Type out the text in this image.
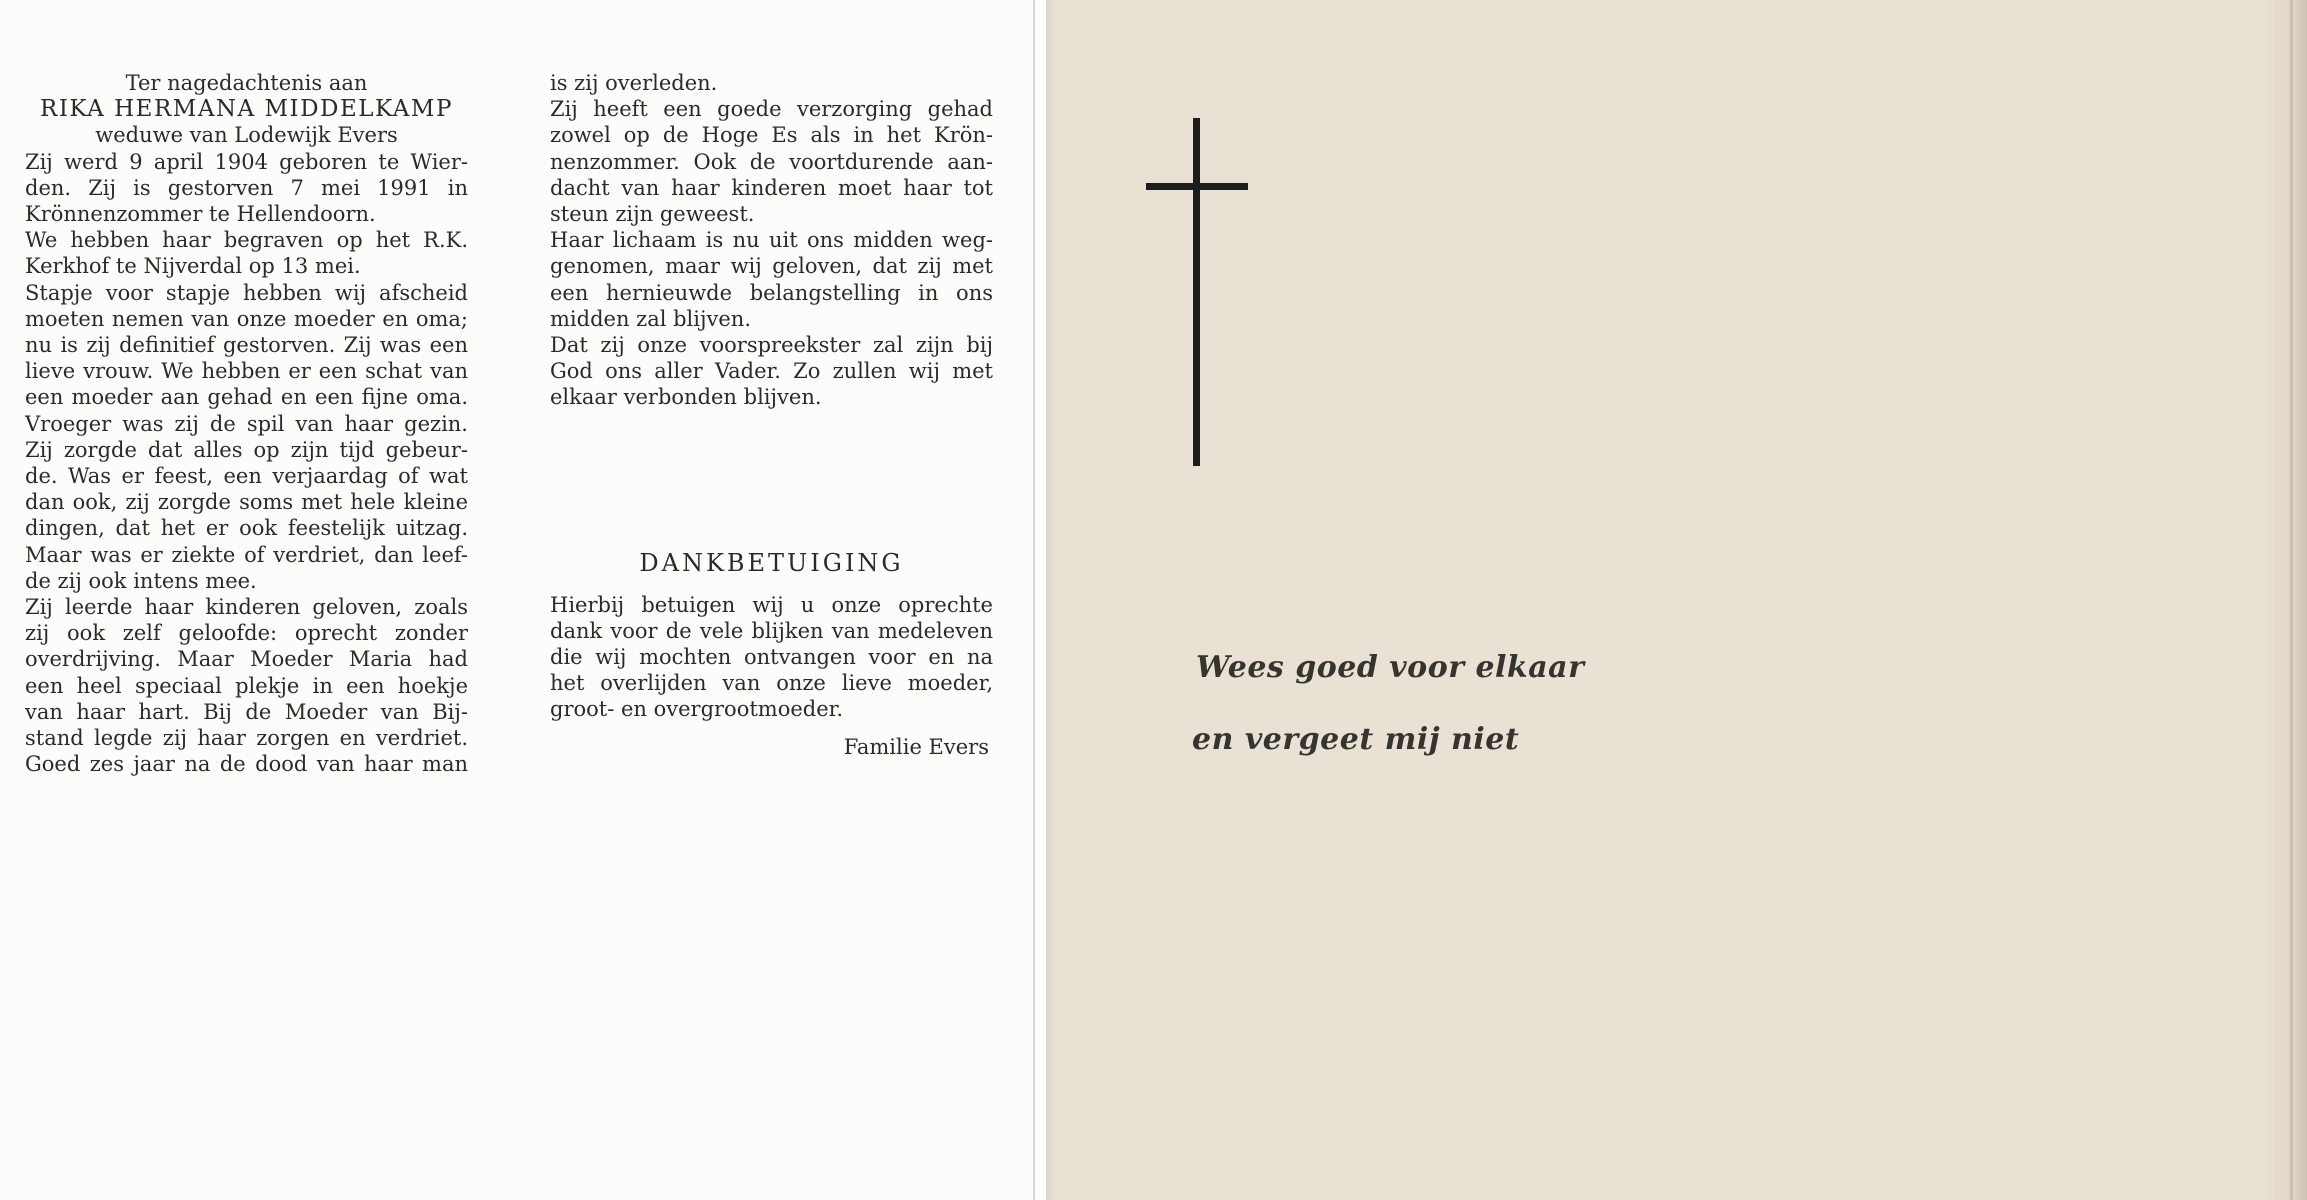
Ter nagedachtenis aan
RIKA HERMANA MIDDELKAMP
weduwe van Lodewijk Evers
Zij werd 9 april 1904 geboren te Wier-
den. Zij is gestorven 7 mei 1991 in
Krönnenzommer te Hellendoorn.
We hebben haar begraven op het R.K.
Kerkhof te Nijverdal op 13 mei.
Stapje voor stapje hebben wij afscheid
moeten nemen van onze moeder en oma;
nu is zij definitief gestorven. Zij was een
lieve vrouw. We hebben er een schat van
een moeder aan gehad en een fijne oma.
Vroeger was zij de spil van haar gezin.
Zij zorgde dat alles op zijn tijd gebeur-
de. Was er feest, een verjaardag of wat
dan ook, zij zorgde soms met hele kleine
dingen, dat het er ook feestelijk uitzag.
Maar was er ziekte of verdriet, dan leef-
de zij ook intens mee.
Zij leerde haar kinderen geloven, zoals
zij ook zelf geloofde: oprecht zonder
overdrijving. Maar Moeder Maria had
een heel speciaal plekje in een hoekje
van haar hart. Bij de Moeder van Bij-
stand legde zij haar zorgen en verdriet.
Goed zes jaar na de dood van haar man
is zij overleden.
Zij heeft een goede verzorging gehad
zowel op de Hoge Es als in het Krön-
nenzommer. Ook de voortdurende aan-
dacht van haar kinderen moet haar tot
steun zijn geweest.
Haar lichaam is nu uit ons midden weg-
genomen, maar wij geloven, dat zij met
een hernieuwde belangstelling in ons
midden zal blijven.
Dat zij onze voorspreekster zal zijn bij
God ons aller Vader. Zo zullen wij met
elkaar verbonden blijven.
DANKBETUIGING
Hierbij betuigen wij u onze oprechte
dank voor de vele blijken van medeleven
die wij mochten ontvangen voor en na
het overlijden van onze lieve moeder,
groot- en overgrootmoeder.
Familie Evers
Wees goed voor elkaar
en vergeet mij niet
